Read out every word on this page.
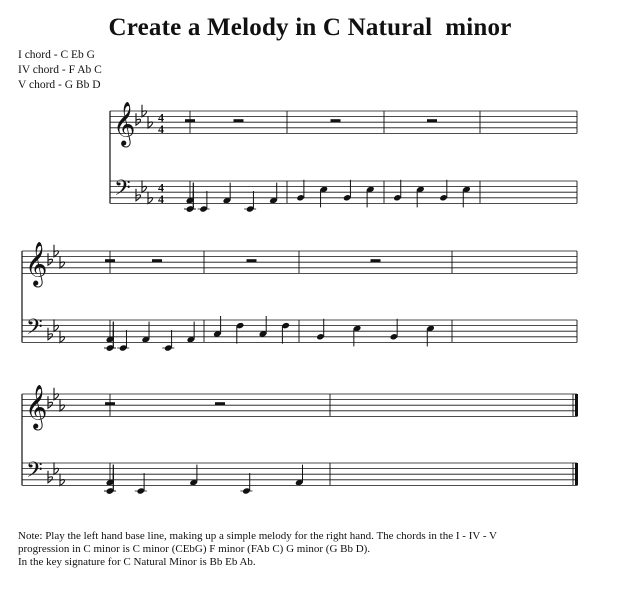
Create a Melody in C Natural  minor
I chord - C Eb G
IV chord - F Ab C
V chord - G Bb D
𝄞
𝄢
4
4
4
4
𝄞
𝄢
𝄞
𝄢
Note: Play the left hand base line, making up a simple melody for the right hand. The chords in the I - IV - V
progression in C minor is C minor (CEbG) F minor (FAb C) G minor (G Bb D).
In the key signature for C Natural Minor is Bb Eb Ab.
